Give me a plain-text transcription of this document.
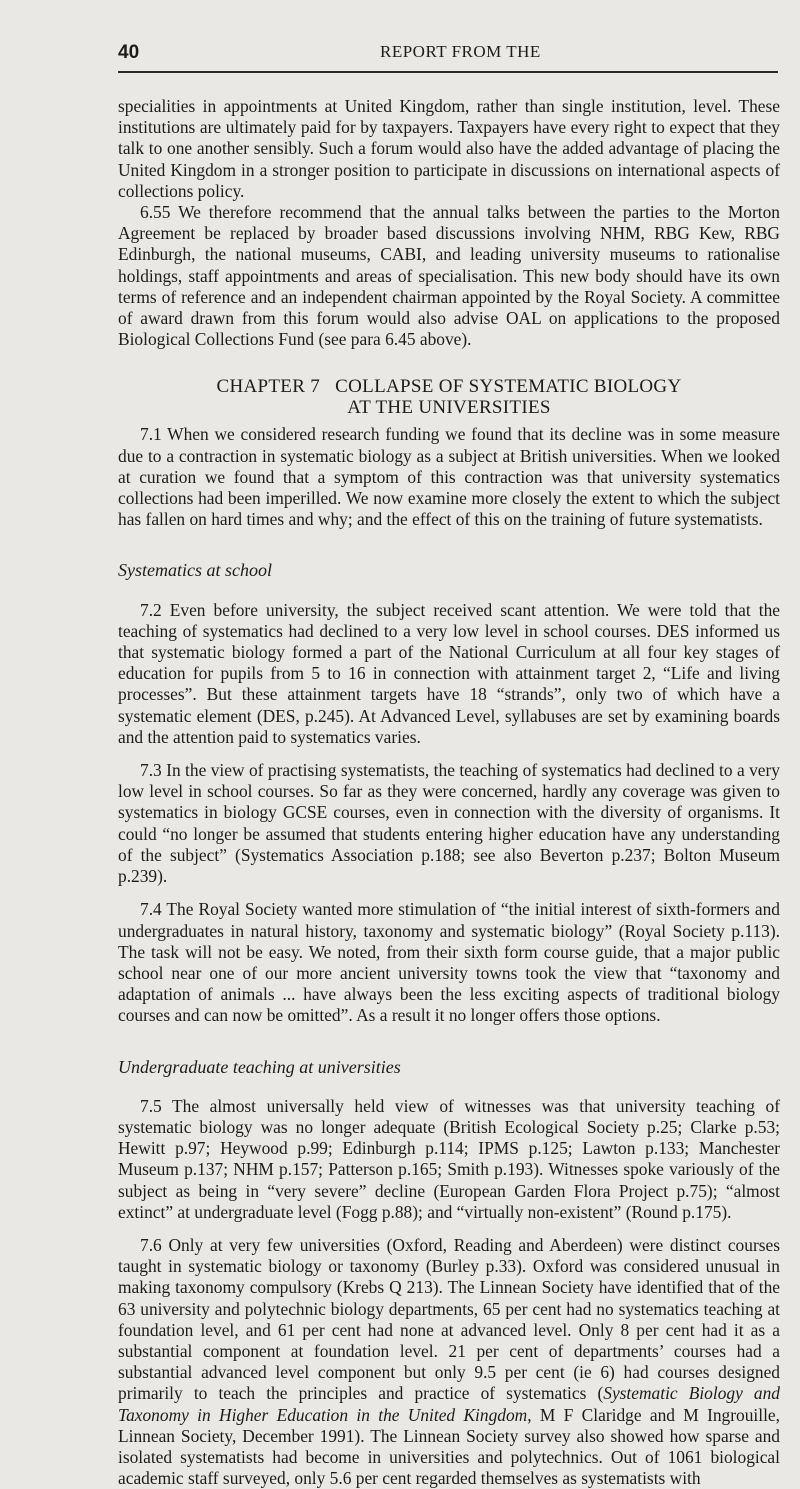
40	REPORT FROM THE

specialities in appointments at United Kingdom, rather than single institution, level. These institutions are ultimately paid for by taxpayers. Taxpayers have every right to expect that they talk to one another sensibly. Such a forum would also have the added advantage of placing the United Kingdom in a stronger position to participate in discussions on international aspects of collections policy.

6.55 We therefore recommend that the annual talks between the parties to the Morton Agreement be replaced by broader based discussions involving NHM, RBG Kew, RBG Edinburgh, the national museums, CABI, and leading university museums to rationalise holdings, staff appointments and areas of specialisation. This new body should have its own terms of reference and an independent chairman appointed by the Royal Society. A committee of award drawn from this forum would also advise OAL on applications to the proposed Biological Collections Fund (see para 6.45 above).

CHAPTER 7   COLLAPSE OF SYSTEMATIC BIOLOGY
AT THE UNIVERSITIES

7.1 When we considered research funding we found that its decline was in some measure due to a contraction in systematic biology as a subject at British universities. When we looked at curation we found that a symptom of this contraction was that university systematics collections had been imperilled. We now examine more closely the extent to which the subject has fallen on hard times and why; and the effect of this on the training of future systematists.

Systematics at school

7.2 Even before university, the subject received scant attention. We were told that the teaching of systematics had declined to a very low level in school courses. DES informed us that systematic biology formed a part of the National Curriculum at all four key stages of education for pupils from 5 to 16 in connection with attainment target 2, “Life and living processes”. But these attainment targets have 18 “strands”, only two of which have a systematic element (DES, p.245). At Advanced Level, syllabuses are set by examining boards and the attention paid to systematics varies.

7.3 In the view of practising systematists, the teaching of systematics had declined to a very low level in school courses. So far as they were concerned, hardly any coverage was given to systematics in biology GCSE courses, even in connection with the diversity of organisms. It could “no longer be assumed that students entering higher education have any understanding of the subject” (Systematics Association p.188; see also Beverton p.237; Bolton Museum p.239).

7.4 The Royal Society wanted more stimulation of “the initial interest of sixth-formers and undergraduates in natural history, taxonomy and systematic biology” (Royal Society p.113). The task will not be easy. We noted, from their sixth form course guide, that a major public school near one of our more ancient university towns took the view that “taxonomy and adaptation of animals ... have always been the less exciting aspects of traditional biology courses and can now be omitted”. As a result it no longer offers those options.

Undergraduate teaching at universities

7.5 The almost universally held view of witnesses was that university teaching of systematic biology was no longer adequate (British Ecological Society p.25; Clarke p.53; Hewitt p.97; Heywood p.99; Edinburgh p.114; IPMS p.125; Lawton p.133; Manchester Museum p.137; NHM p.157; Patterson p.165; Smith p.193). Witnesses spoke variously of the subject as being in “very severe” decline (European Garden Flora Project p.75); “almost extinct” at undergraduate level (Fogg p.88); and “virtually non-existent” (Round p.175).

7.6 Only at very few universities (Oxford, Reading and Aberdeen) were distinct courses taught in systematic biology or taxonomy (Burley p.33). Oxford was considered unusual in making taxonomy compulsory (Krebs Q 213). The Linnean Society have identified that of the 63 university and polytechnic biology departments, 65 per cent had no systematics teaching at foundation level, and 61 per cent had none at advanced level. Only 8 per cent had it as a substantial component at foundation level. 21 per cent of departments’ courses had a substantial advanced level component but only 9.5 per cent (ie 6) had courses designed primarily to teach the principles and practice of systematics (Systematic Biology and Taxonomy in Higher Education in the United Kingdom, M F Claridge and M Ingrouille, Linnean Society, December 1991). The Linnean Society survey also showed how sparse and isolated systematists had become in universities and polytechnics. Out of 1061 biological academic staff surveyed, only 5.6 per cent regarded themselves as systematists with
